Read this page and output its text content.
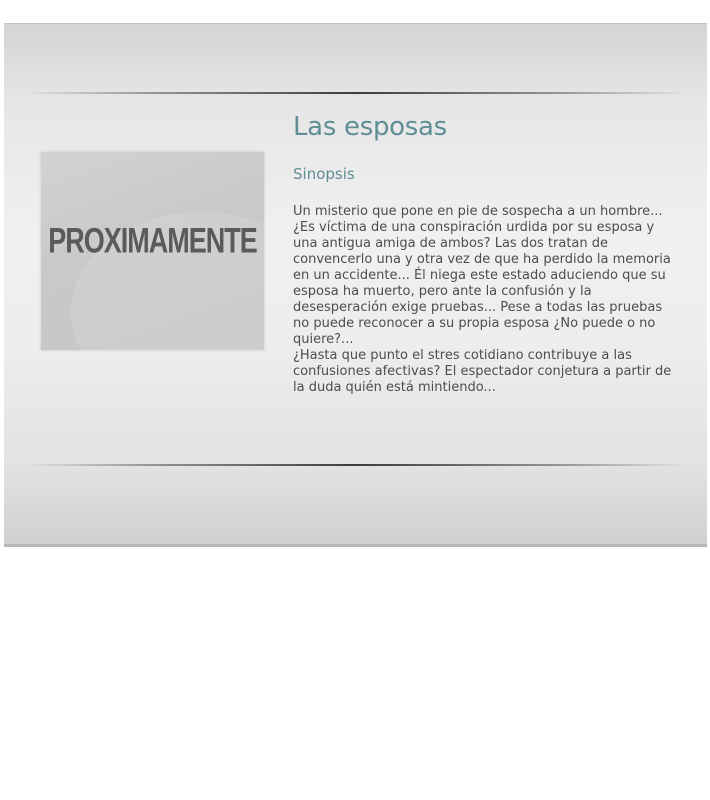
PROXIMAMENTE
Las esposas
Sinopsis

Un misterio que pone en pie de sospecha a un hombre...
¿Es víctima de una conspiración urdida por su esposa y una antigua amiga de ambos? Las dos tratan de convencerlo una y otra vez de que ha perdido la memoria en un accidente... Él niega este estado aduciendo que su esposa ha muerto, pero ante la confusión y la desesperación exige pruebas... Pese a todas las pruebas no puede reconocer a su propia esposa ¿No puede o no quiere?...

¿Hasta que punto el stres cotidiano contribuye a las confusiones afectivas? El espectador conjetura a partir de la duda quién está mintiendo...
